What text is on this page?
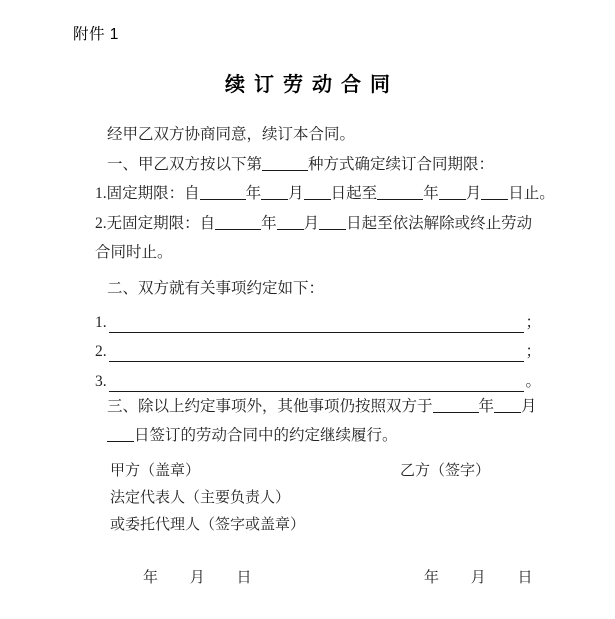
附件 1
续订劳动合同

经甲乙双方协商同意，续订本合同。

一、甲乙双方按以下第	种方式确定续订合同期限：

1.固定期限：自	年 月 日起至	年 月 日止。

2.无固定期限：自	年 月 日起至依法解除或终止劳动合同时止。

二、双方就有关事项约定如下：

1.	；
2.	；
3.	。

三、除以上约定事项外，其他事项仍按照双方于	年 月日签订的劳动合同中的约定继续履行。

甲方（盖章）	乙方（签字）
法定代表人（主要负责人）
或委托代理人（签字或盖章）
年 月 日	年 月 日
